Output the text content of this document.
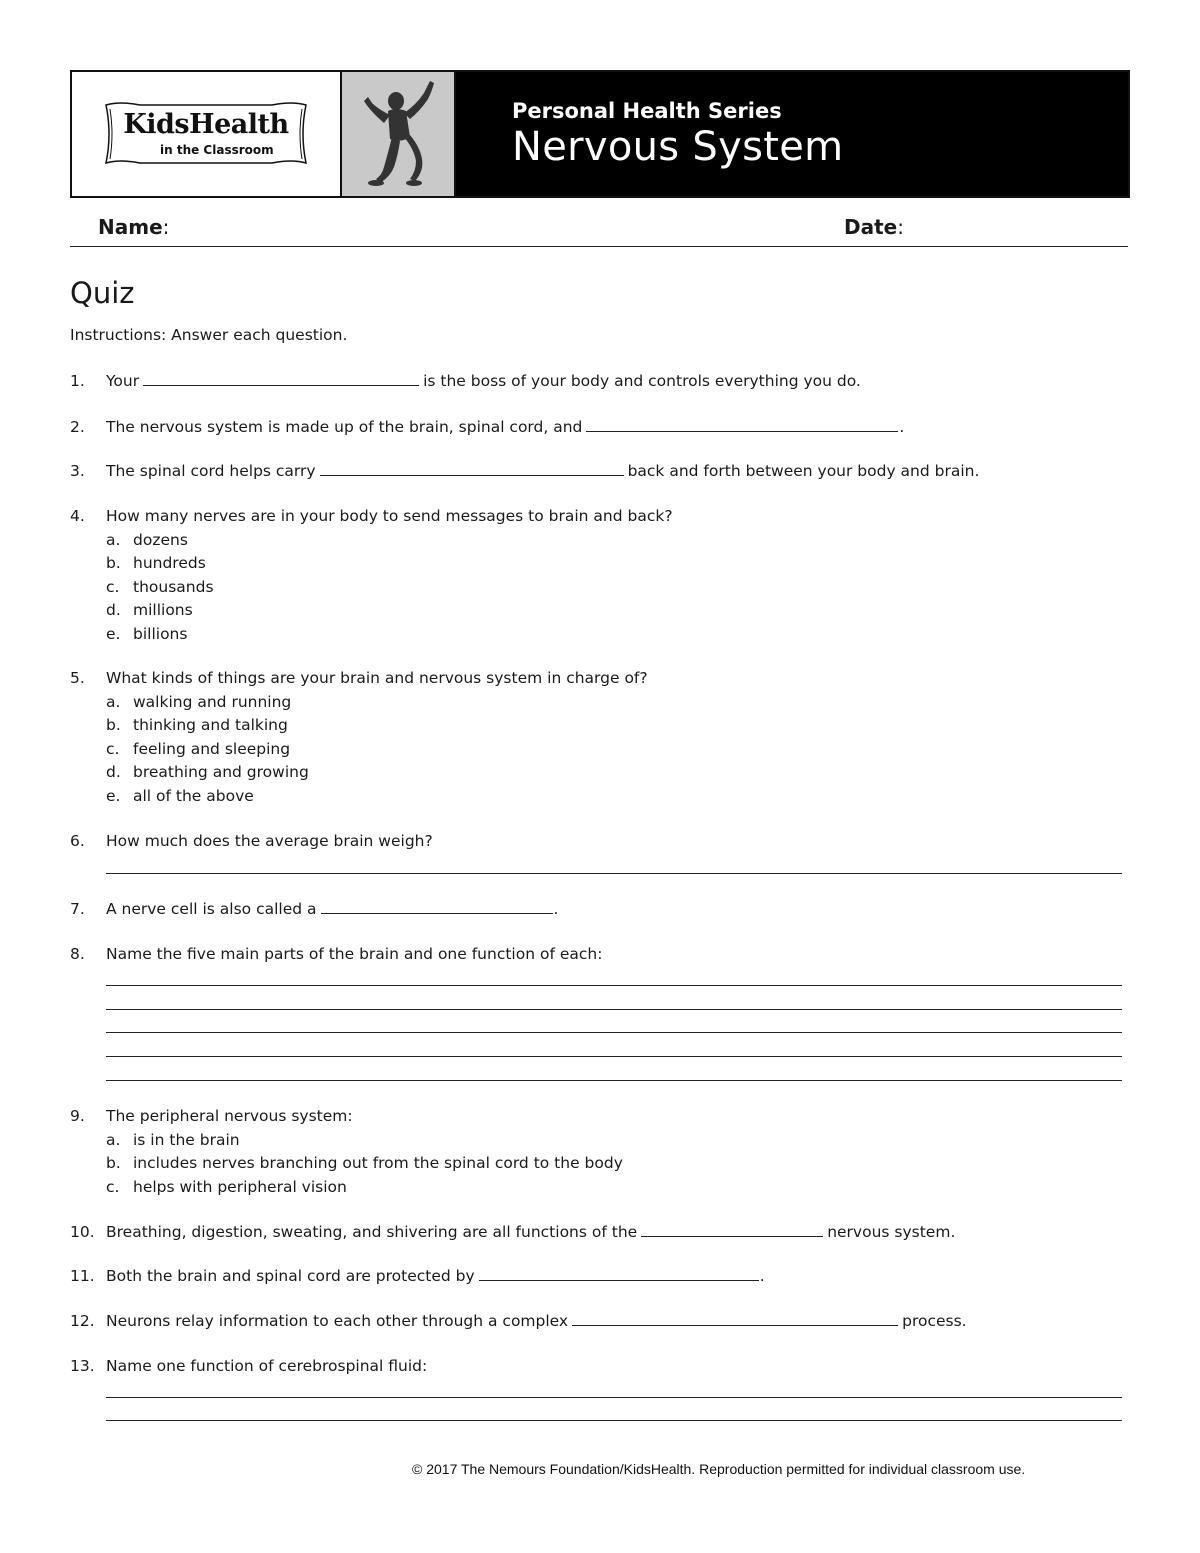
KidsHealth
in the Classroom
Personal Health Series
Nervous System
Name:	Date:
Quiz
Instructions: Answer each question.
1. Your	is the boss of your body and controls everything you do.
2. The nervous system is made up of the brain, spinal cord, and	.
3. The spinal cord helps carry	back and forth between your body and brain.
4. How many nerves are in your body to send messages to brain and back?
a. dozens
b. hundreds
c. thousands
d. millions
e. billions
5. What kinds of things are your brain and nervous system in charge of?
a. walking and running
b. thinking and talking
c. feeling and sleeping
d. breathing and growing
e. all of the above
6. How much does the average brain weigh?
7. A nerve cell is also called a	.
8. Name the five main parts of the brain and one function of each:
9. The peripheral nervous system:
a. is in the brain
b. includes nerves branching out from the spinal cord to the body
c. helps with peripheral vision
10. Breathing, digestion, sweating, and shivering are all functions of the	nervous system.
11. Both the brain and spinal cord are protected by	.
12. Neurons relay information to each other through a complex	process.
13. Name one function of cerebrospinal fluid:
© 2017 The Nemours Foundation/KidsHealth. Reproduction permitted for individual classroom use.
